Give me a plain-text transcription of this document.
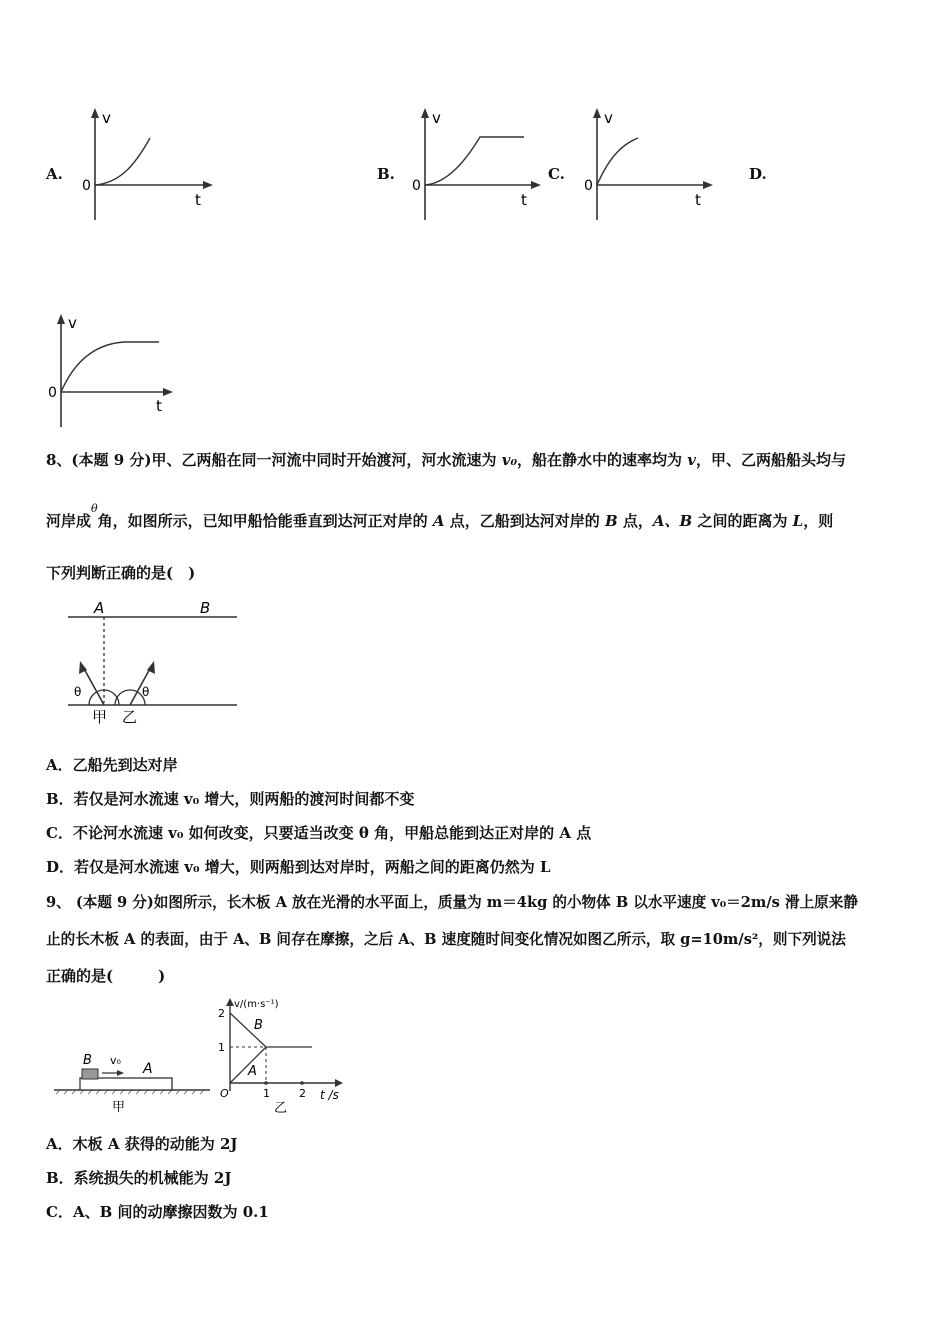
A.
v
t
0
B.
v
t
0
C.
v
t
0
D.
v
t
0
8、(本题 9 分)甲、乙两船在同一河流中同时开始渡河，河水流速为 v₀，船在静水中的速率均为 v，甲、乙两船船头均与
河岸成$^\theta$角，如图所示，已知甲船恰能垂直到达河正对岸的 A 点，乙船到达河对岸的 B 点，A、B 之间的距离为 L，则
下列判断正确的是(　)
A	B
θ	θ
甲 乙
A．乙船先到达对岸
B．若仅是河水流速 v₀ 增大，则两船的渡河时间都不变
C．不论河水流速 v₀ 如何改变，只要适当改变 θ 角，甲船总能到达正对岸的 A 点
D．若仅是河水流速 v₀ 增大，则两船到达对岸时，两船之间的距离仍然为 L
9、 (本题 9 分)如图所示，长木板 A 放在光滑的水平面上，质量为 m＝4kg 的小物体 B 以水平速度 v₀＝2m/s 滑上原来静
止的长木板 A 的表面，由于 A、B 间存在摩擦，之后 A、B 速度随时间变化情况如图乙所示，取 g=10m/s²，则下列说法
正确的是(　　　)
B v₀
A
甲
v/(m·s⁻¹)
2
1
O	1	2 t /s
B
A
乙
A．木板 A 获得的动能为 2J
B．系统损失的机械能为 2J
C．A、B 间的动摩擦因数为 0.1
